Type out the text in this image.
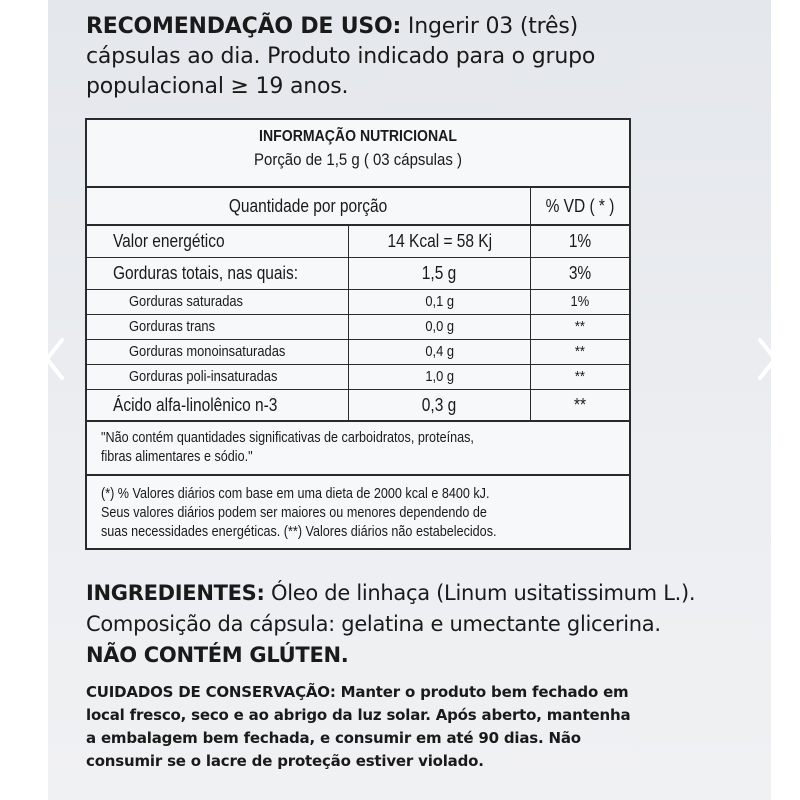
RECOMENDAÇÃO DE USO: Ingerir 03 (três)
cápsulas ao dia. Produto indicado para o grupo
populacional ≥ 19 anos.
INFORMAÇÃO NUTRICIONAL
Porção de 1,5 g ( 03 cápsulas )
Quantidade por porção	% VD ( * )
Valor energético	14 Kcal = 58 Kj	1%
Gorduras totais, nas quais:	1,5 g	3%
Gorduras saturadas	0,1 g	1%
Gorduras trans	0,0 g	**
Gorduras monoinsaturadas	0,4 g	**
Gorduras poli-insaturadas	1,0 g	**
Ácido alfa-linolênico n-3	0,3 g	**
"Não contém quantidades significativas de carboidratos, proteínas,
fibras alimentares e sódio."
(*) % Valores diários com base em uma dieta de 2000 kcal e 8400 kJ.
Seus valores diários podem ser maiores ou menores dependendo de
suas necessidades energéticas. (**) Valores diários não estabelecidos.
INGREDIENTES: Óleo de linhaça (Linum usitatissimum L.).
Composição da cápsula: gelatina e umectante glicerina.
NÃO CONTÉM GLÚTEN.
CUIDADOS DE CONSERVAÇÃO: Manter o produto bem fechado em
local fresco, seco e ao abrigo da luz solar. Após aberto, mantenha
a embalagem bem fechada, e consumir em até 90 dias. Não
consumir se o lacre de proteção estiver violado.
